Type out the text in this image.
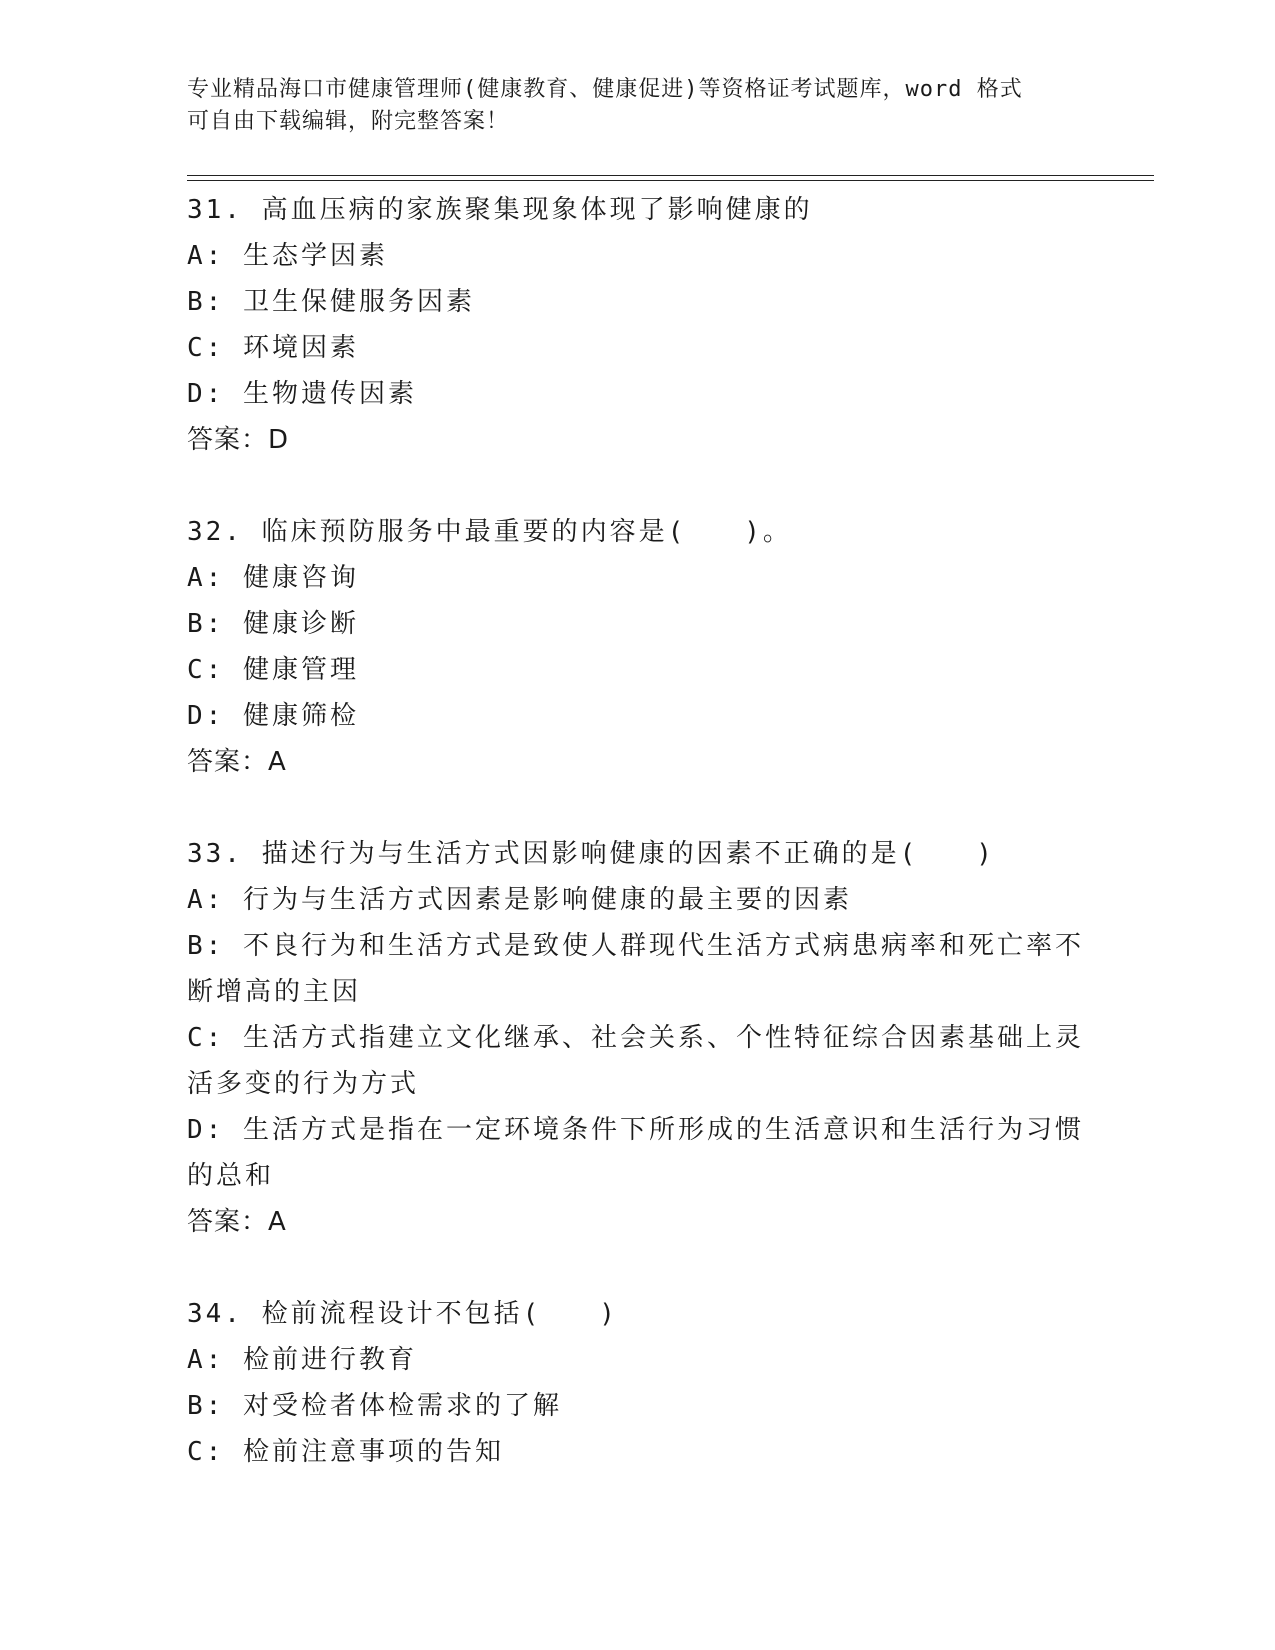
专业精品海口市健康管理师(健康教育、健康促进)等资格证考试题库，word 格式
可自由下载编辑，附完整答案！
31. 高血压病的家族聚集现象体现了影响健康的
A: 生态学因素
B: 卫生保健服务因素
C: 环境因素
D: 生物遗传因素
答案：D
32. 临床预防服务中最重要的内容是(　　)。
A: 健康咨询
B: 健康诊断
C: 健康管理
D: 健康筛检
答案：A
33. 描述行为与生活方式因影响健康的因素不正确的是(　　)
A: 行为与生活方式因素是影响健康的最主要的因素
B: 不良行为和生活方式是致使人群现代生活方式病患病率和死亡率不断增高的主因
C: 生活方式指建立文化继承、社会关系、个性特征综合因素基础上灵活多变的行为方式
D: 生活方式是指在一定环境条件下所形成的生活意识和生活行为习惯的总和
答案：A
34. 检前流程设计不包括(　　)
A: 检前进行教育
B: 对受检者体检需求的了解
C: 检前注意事项的告知
